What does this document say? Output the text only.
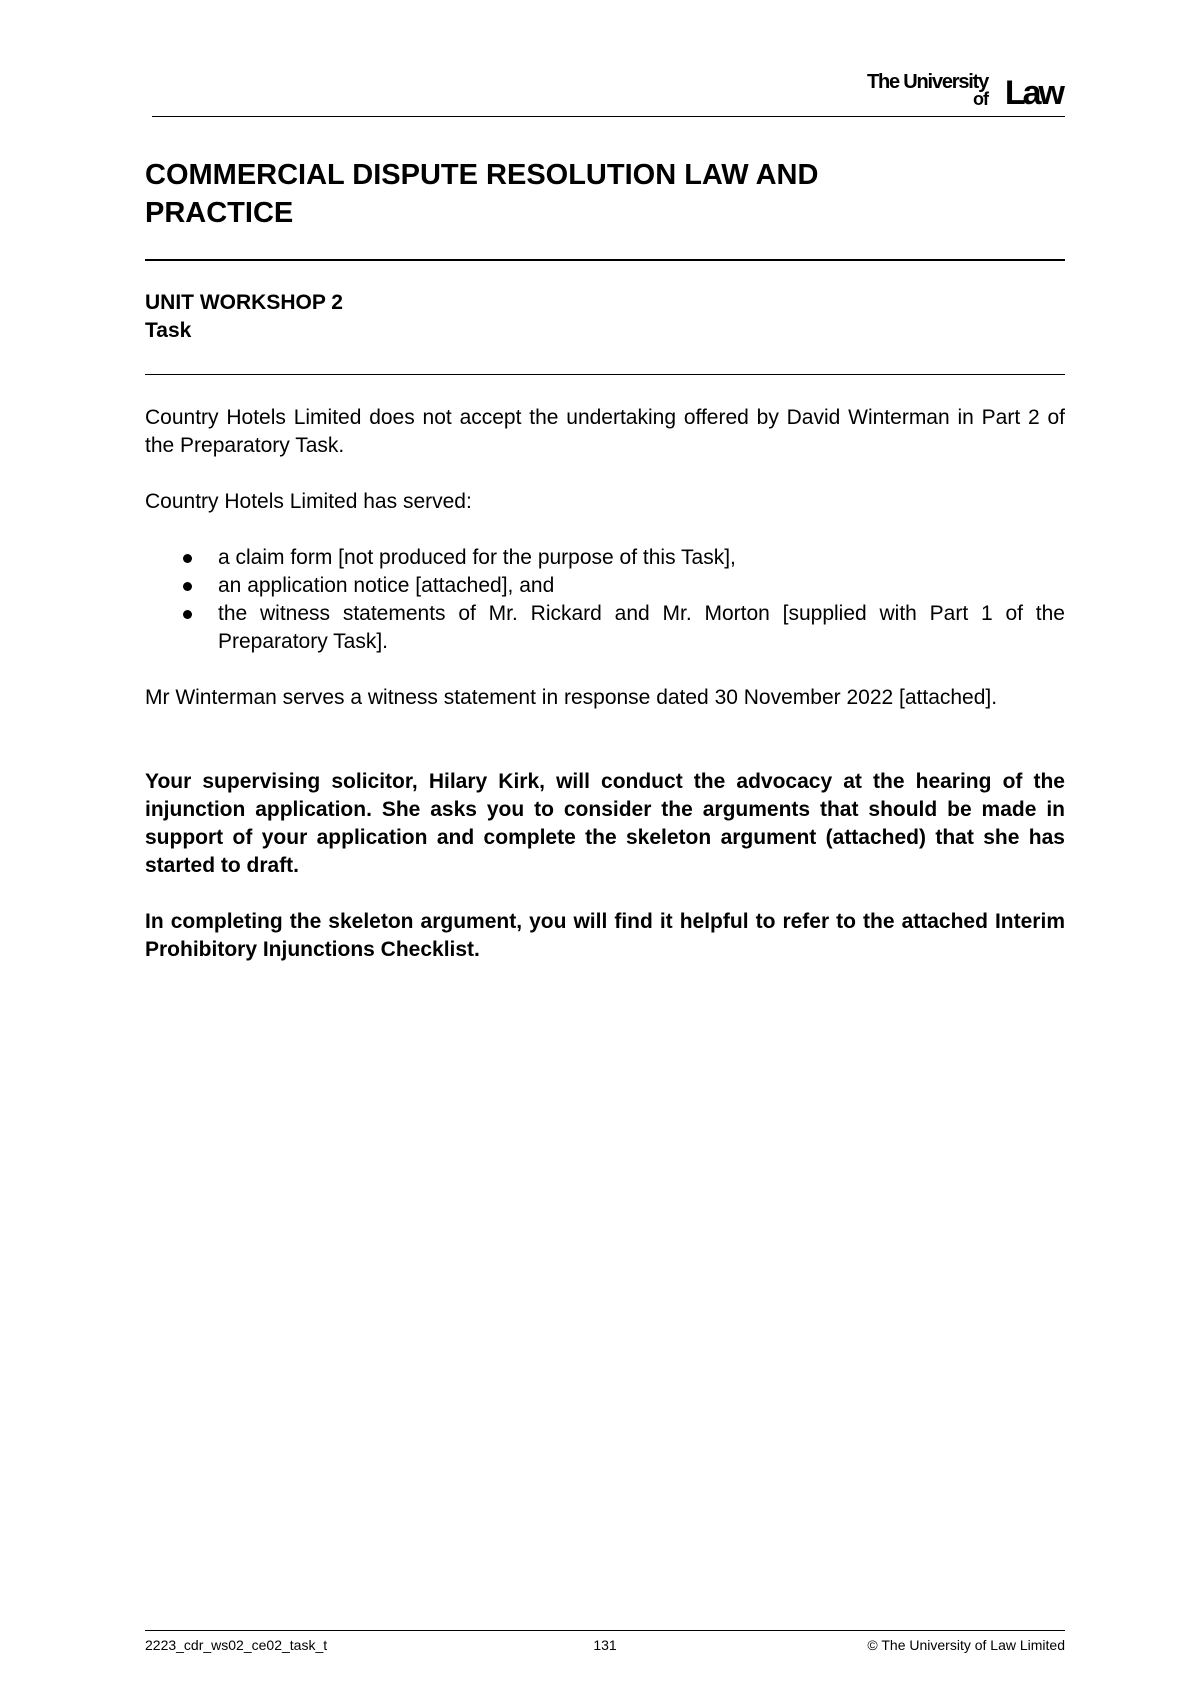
The University
of Law
COMMERCIAL DISPUTE RESOLUTION LAW AND PRACTICE

UNIT WORKSHOP 2

Task

Country Hotels Limited does not accept the undertaking offered by David Winterman in Part 2 of the Preparatory Task.

Country Hotels Limited has served:

a claim form [not produced for the purpose of this Task],
an application notice [attached], and
the witness statements of Mr. Rickard and Mr. Morton [supplied with Part 1 of the Preparatory Task].

Mr Winterman serves a witness statement in response dated 30 November 2022 [attached].

Your supervising solicitor, Hilary Kirk, will conduct the advocacy at the hearing of the injunction application. She asks you to consider the arguments that should be made in support of your application and complete the skeleton argument (attached) that she has started to draft.

In completing the skeleton argument, you will find it helpful to refer to the attached Interim Prohibitory Injunctions Checklist.

2223_cdr_ws02_ce02_task_t	131	© The University of Law Limited
